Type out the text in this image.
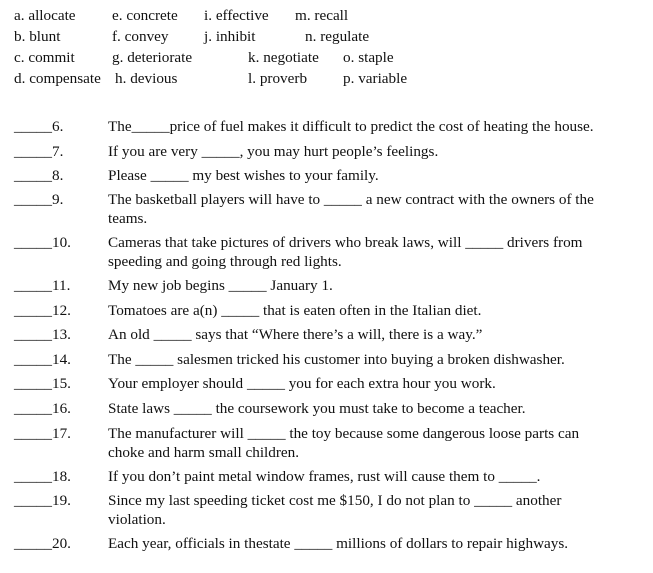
a. allocate e. concrete i. effective m. recall
b. blunt	f. convey j. inhibit	n. regulate
c. commit g. deteriorate	k. negotiate o. staple
d. compensate h. devious	l. proverb p. variable
_____6.	The_____price of fuel makes it difficult to predict the cost of heating the house.
_____7.	If you are very _____, you may hurt people’s feelings.
_____8.	Please _____ my best wishes to your family.
_____9.	The basketball players will have to _____ a new contract with the owners of the teams.
_____10. Cameras that take pictures of drivers who break laws, will _____ drivers from speeding and going through red lights.
_____11. My new job begins _____ January 1.
_____12. Tomatoes are a(n) _____ that is eaten often in the Italian diet.
_____13. An old _____ says that “Where there’s a will, there is a way.”
_____14. The _____ salesmen tricked his customer into buying a broken dishwasher.
_____15. Your employer should _____ you for each extra hour you work.
_____16. State laws _____ the coursework you must take to become a teacher.
_____17. The manufacturer will _____ the toy because some dangerous loose parts can choke and harm small children.
_____18. If you don’t paint metal window frames, rust will cause them to _____.
_____19. Since my last speeding ticket cost me $150, I do not plan to _____ another violation.
_____20. Each year, officials in thestate _____ millions of dollars to repair highways.
